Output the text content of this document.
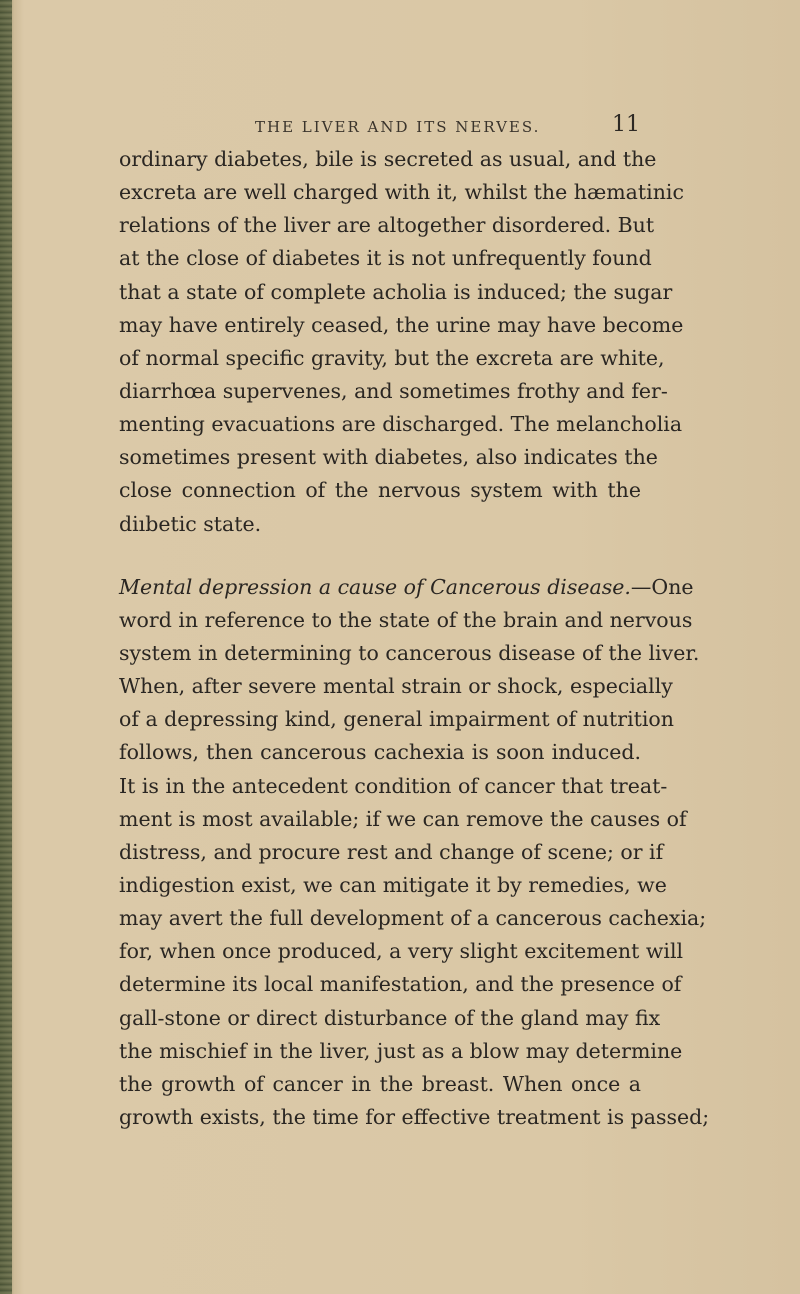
THE LIVER AND ITS NERVES.	11
ordinary diabetes, bile is secreted as usual, and the
excreta are well charged with it, whilst the hæmatinic
relations of the liver are altogether disordered. But
at the close of diabetes it is not unfrequently found
that a state of complete acholia is induced; the sugar
may have entirely ceased, the urine may have become
of normal specific gravity, but the excreta are white,
diarrhœa supervenes, and sometimes frothy and fer-
menting evacuations are discharged. The melancholia
sometimes present with diabetes, also indicates the
close connection of the nervous system with the
diıbetic state.
Mental depression a cause of Cancerous disease.—One
word in reference to the state of the brain and nervous
system in determining to cancerous disease of the liver.
When, after severe mental strain or shock, especially
of a depressing kind, general impairment of nutrition
follows, then cancerous cachexia is soon induced.
It is in the antecedent condition of cancer that treat-
ment is most available; if we can remove the causes of
distress, and procure rest and change of scene; or if
indigestion exist, we can mitigate it by remedies, we
may avert the full development of a cancerous cachexia;
for, when once produced, a very slight excitement will
determine its local manifestation, and the presence of
gall-stone or direct disturbance of the gland may fix
the mischief in the liver, just as a blow may determine
the growth of cancer in the breast. When once a
growth exists, the time for effective treatment is passed;
